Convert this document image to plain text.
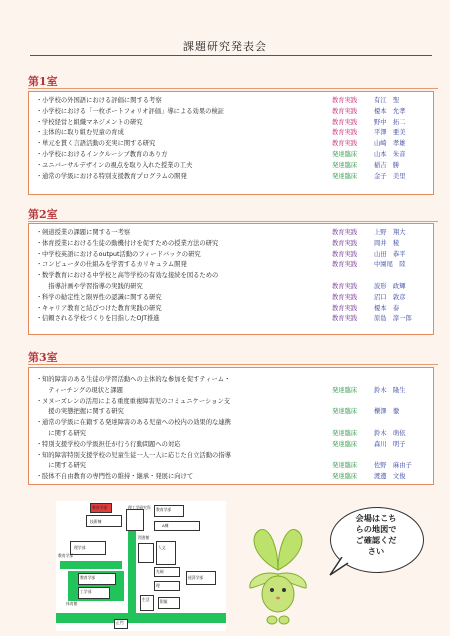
課題研究発表会
第1室
・ 小学校の外国語における評価に関する考察	教育実践	有江　聖
・ 小学校における「一枚ポートフォリオ評価」導による効果の検証	教育実践	榎本　允孝
・ 学校経営と組織マネジメントの研究	教育実践	野中　拓二
・ 主体的に取り組む児童の育成	教育実践	平澤　亜美
・ 単元を貫く言語活動の充実に関する研究	教育実践	山崎　孝雄
・ 小学校におけるインクルーシブ教育のあり方	発達臨床	山本　朱音
・ ユニバーサルデザインの視点を取り入れた授業の工夫	発達臨床	稲吉　勝
・ 通常の学級における特別支援教育プログラムの開発	発達臨床	金子　美里
第2室
・ 剣道授業の課題に関する一考察	教育実践	上野　翔大
・ 体育授業における生徒の動機付けを促すための授業方法の研究	教育実践	岡井　稜
・ 中学校英語におけるoutput活動のフィードバックの研究	教育実践	山田　恭平
・ コンピュータの仕組みを学習するカリキュラム開発	教育実践	中園尾　陸
・ 数学教育における中学校と高等学校の有効な接続を図るための
　指導計画や学習指導の実践的研究	教育実践	波形　政輝
・ 科学の勧定性と限界性の認識に関する研究	教育実践	沼口　敦彦
・ キャリア教育と結びつけた教育実践の研究	教育実践	榎本　泰
・ 信頼される学校づくりを目指したOJT推進	教育実践	原島　淳一郎
第3室
・ 知的障害のある生徒の学習活動への主体的な参加を促すティーム・
　ティーチングの現状と課題	発達臨床	鈴木　隆生
・ ヌヌーズレンの活用による重度重複障害児のコミュニケーション支
　援の実態把握に関する研究	発達臨床	櫟澤　徹
・ 通常の学級に在籍する発達障害のある児童への校内の効果的な連携
　に関する研究	発達臨床	鈴木　萌依
・ 特別支援学校の学級担任が行う行動問題への対応	発達臨床	森川　明子
・ 知的障害特別支援学校の児童生徒一人一人に応じた自立活動の指導
　に関する研究	発達臨床	佐野　麻由子
・ 肢体不自由教育の専門性の維持・継承・発展に向けて	発達臨床	渡邊　文俊
教育学部
技術棟
理工学研究科 教育学部
A棟
理学部
図書館
人文
教育学部
先端
理
経済学部
工学部
生活	附属
教育学部
体育館
正門
会場はこち
らの地図で
ご確認くだ
さい
